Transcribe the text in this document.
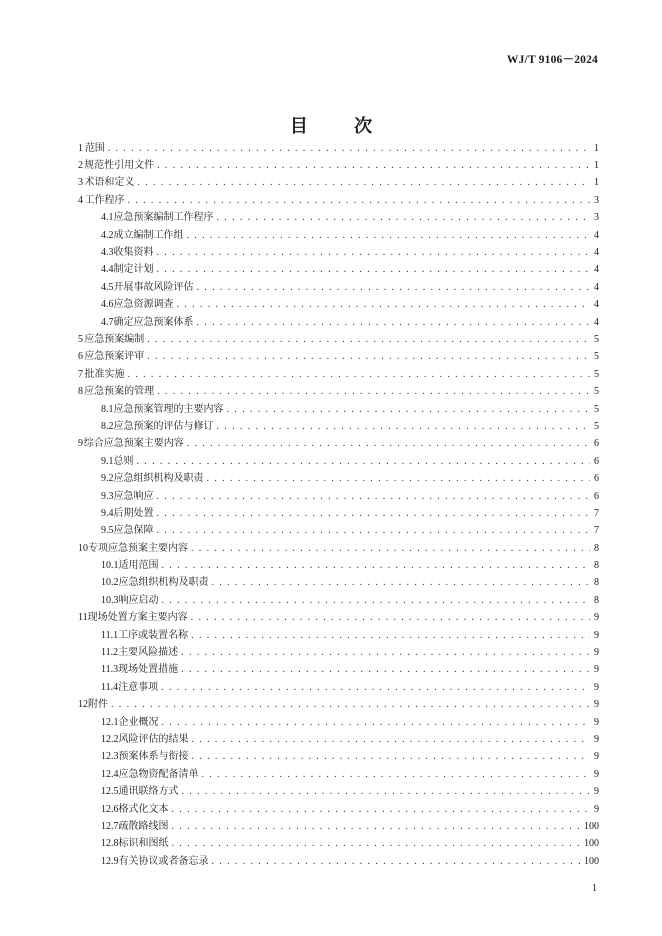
WJ/T 9106－2024
目 次
1 范围 . . .	1
2 规范性引用文件 . . .	1
3 术语和定义 . . .	1
4 工作程序 . . .	3
4.1 应急预案编制工作程序 . . .	3
4.2 成立编制工作组 . . .	4
4.3 收集资料 . . .	4
4.4 制定计划 . . .	4
4.5 开展事故风险评估 . . .	4
4.6 应急资源调查 . . .	4
4.7 确定应急预案体系 . . .	4
5 应急预案编制 . . .	5
6 应急预案评审 . . .	5
7 批准实施 . . .	5
8 应急预案的管理 . . .	5
8.1 应急预案管理的主要内容 . . .	5
8.2 应急预案的评估与修订 . . .	5
9 综合应急预案主要内容 . . .	6
9.1 总则 . . .	6
9.2 应急组织机构及职责 . . .	6
9.3 应急响应 . . .	6
9.4 后期处置 . . .	7
9.5 应急保障 . . .	7
10 专项应急预案主要内容 . . .	8
10.1 适用范围 . . .	8
10.2 应急组织机构及职责 . . .	8
10.3 响应启动 . . .	8
11 现场处置方案主要内容 . . .	9
11.1 工序或装置名称 . . .	9
11.2 主要风险描述 . . .	9
11.3 现场处置措施 . . .	9
11.4 注意事项 . . .	9
12 附件 . . .	9
12.1 企业概况 . . .	9
12.2 风险评估的结果 . . .	9
12.3 预案体系与衔接 . . .	9
12.4 应急物资配备清单 . . .	9
12.5 通讯联络方式 . . .	9
12.6 格式化文本 . . .	9
12.7 疏散路线图 . . .	100
12.8 标识和图纸 . . .	100
12.9 有关协议或者备忘录 . . .	100
1
